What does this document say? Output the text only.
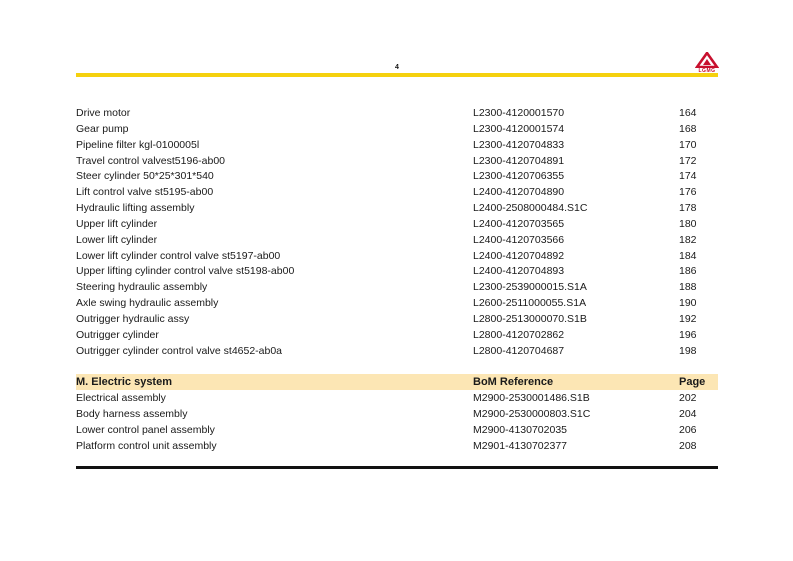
4	LGMG
Drive motor	L2300-4120001570	164
Gear pump	L2300-4120001574	168
Pipeline filter kgl-0100005l	L2300-4120704833	170
Travel control valvest5196-ab00	L2300-4120704891	172
Steer cylinder 50*25*301*540	L2300-4120706355	174
Lift control valve st5195-ab00	L2400-4120704890	176
Hydraulic lifting assembly	L2400-2508000484.S1C	178
Upper lift cylinder	L2400-4120703565	180
Lower lift cylinder	L2400-4120703566	182
Lower lift cylinder control valve st5197-ab00	L2400-4120704892	184
Upper lifting cylinder control valve st5198-ab00	L2400-4120704893	186
Steering hydraulic assembly	L2300-2539000015.S1A	188
Axle swing hydraulic assembly	L2600-2511000055.S1A	190
Outrigger hydraulic assy	L2800-2513000070.S1B	192
Outrigger cylinder	L2800-4120702862	196
Outrigger cylinder control valve st4652-ab0a	L2800-4120704687	198
M. Electric system	BoM Reference	Page
Electrical assembly	M2900-2530001486.S1B	202
Body harness assembly	M2900-2530000803.S1C	204
Lower control panel assembly	M2900-4130702035	206
Platform control unit assembly	M2901-4130702377	208
